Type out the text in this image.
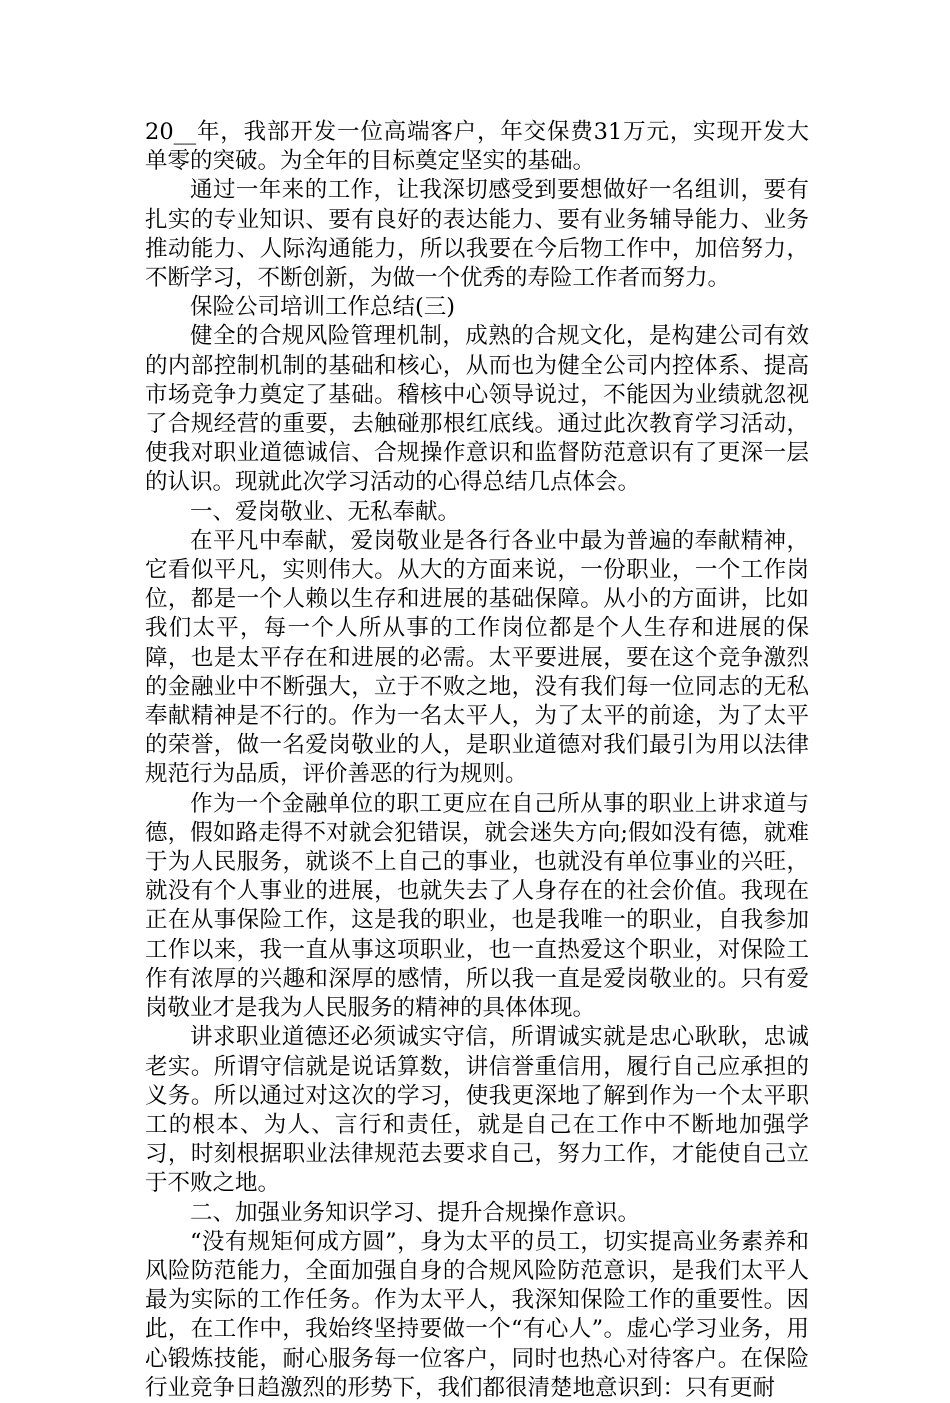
20__年，我部开发一位高端客户，年交保费31万元，实现开发大单零的突破。为全年的目标奠定坚实的基础。

通过一年来的工作，让我深切感受到要想做好一名组训，要有扎实的专业知识、要有良好的表达能力、要有业务辅导能力、业务推动能力、人际沟通能力，所以我要在今后物工作中，加倍努力，不断学习，不断创新，为做一个优秀的寿险工作者而努力。

保险公司培训工作总结(三)

健全的合规风险管理机制，成熟的合规文化，是构建公司有效的内部控制机制的基础和核心，从而也为健全公司内控体系、提高市场竞争力奠定了基础。稽核中心领导说过，不能因为业绩就忽视了合规经营的重要，去触碰那根红底线。通过此次教育学习活动，使我对职业道德诚信、合规操作意识和监督防范意识有了更深一层的认识。现就此次学习活动的心得总结几点体会。

一、爱岗敬业、无私奉献。

在平凡中奉献，爱岗敬业是各行各业中最为普遍的奉献精神，它看似平凡，实则伟大。从大的方面来说，一份职业，一个工作岗位，都是一个人赖以生存和进展的基础保障。从小的方面讲，比如我们太平，每一个人所从事的工作岗位都是个人生存和进展的保障，也是太平存在和进展的必需。太平要进展，要在这个竞争激烈的金融业中不断强大，立于不败之地，没有我们每一位同志的无私奉献精神是不行的。作为一名太平人，为了太平的前途，为了太平的荣誉，做一名爱岗敬业的人，是职业道德对我们最引为用以法律规范行为品质，评价善恶的行为规则。

作为一个金融单位的职工更应在自己所从事的职业上讲求道与德，假如路走得不对就会犯错误，就会迷失方向;假如没有德，就难于为人民服务，就谈不上自己的事业，也就没有单位事业的兴旺，就没有个人事业的进展，也就失去了人身存在的社会价值。我现在正在从事保险工作，这是我的职业，也是我唯一的职业，自我参加工作以来，我一直从事这项职业，也一直热爱这个职业，对保险工作有浓厚的兴趣和深厚的感情，所以我一直是爱岗敬业的。只有爱岗敬业才是我为人民服务的精神的具体体现。

讲求职业道德还必须诚实守信，所谓诚实就是忠心耿耿，忠诚老实。所谓守信就是说话算数，讲信誉重信用，履行自己应承担的义务。所以通过对这次的学习，使我更深地了解到作为一个太平职工的根本、为人、言行和责任，就是自己在工作中不断地加强学习，时刻根据职业法律规范去要求自己，努力工作，才能使自己立于不败之地。

二、加强业务知识学习、提升合规操作意识。

“没有规矩何成方圆”，身为太平的员工，切实提高业务素养和风险防范能力，全面加强自身的合规风险防范意识，是我们太平人最为实际的工作任务。作为太平人，我深知保险工作的重要性。因此，在工作中，我始终坚持要做一个“有心人”。虚心学习业务，用心锻炼技能，耐心服务每一位客户，同时也热心对待客户。在保险行业竞争日趋激烈的形势下，我们都很清楚地意识到：只有更耐
